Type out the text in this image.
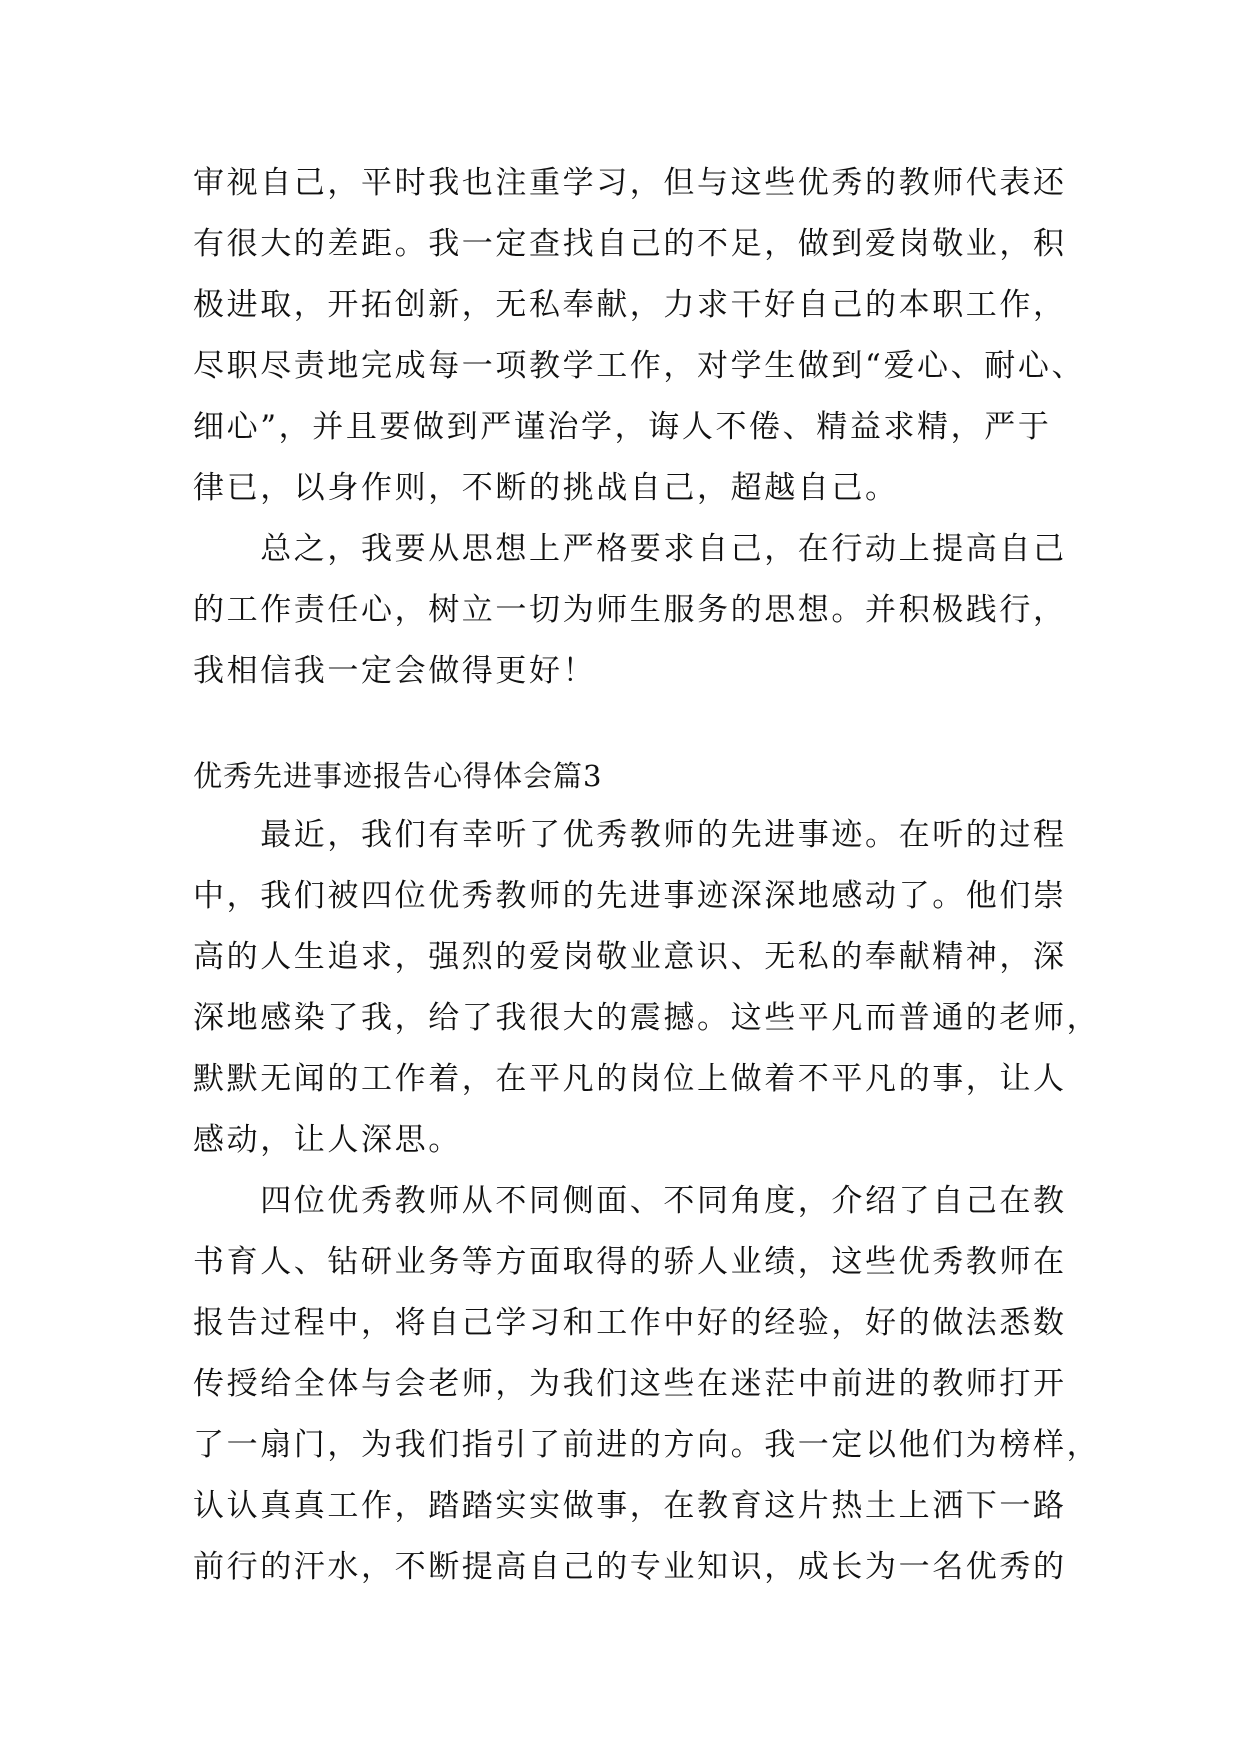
审视自己，平时我也注重学习，但与这些优秀的教师代表还
有很大的差距。我一定查找自己的不足，做到爱岗敬业，积
极进取，开拓创新，无私奉献，力求干好自己的本职工作，
尽职尽责地完成每一项教学工作，对学生做到“爱心、耐心、
细心”，并且要做到严谨治学，诲人不倦、精益求精，严于
律已，以身作则，不断的挑战自己，超越自己。
　　总之，我要从思想上严格要求自己，在行动上提高自己
的工作责任心，树立一切为师生服务的思想。并积极践行，
我相信我一定会做得更好！
优秀先进事迹报告心得体会篇3
　　最近，我们有幸听了优秀教师的先进事迹。在听的过程
中，我们被四位优秀教师的先进事迹深深地感动了。他们崇
高的人生追求，强烈的爱岗敬业意识、无私的奉献精神，深
深地感染了我，给了我很大的震撼。这些平凡而普通的老师，
默默无闻的工作着，在平凡的岗位上做着不平凡的事，让人
感动，让人深思。
　　四位优秀教师从不同侧面、不同角度，介绍了自己在教
书育人、钻研业务等方面取得的骄人业绩，这些优秀教师在
报告过程中，将自己学习和工作中好的经验，好的做法悉数
传授给全体与会老师，为我们这些在迷茫中前进的教师打开
了一扇门，为我们指引了前进的方向。我一定以他们为榜样，
认认真真工作，踏踏实实做事，在教育这片热土上洒下一路
前行的汗水，不断提高自己的专业知识，成长为一名优秀的
